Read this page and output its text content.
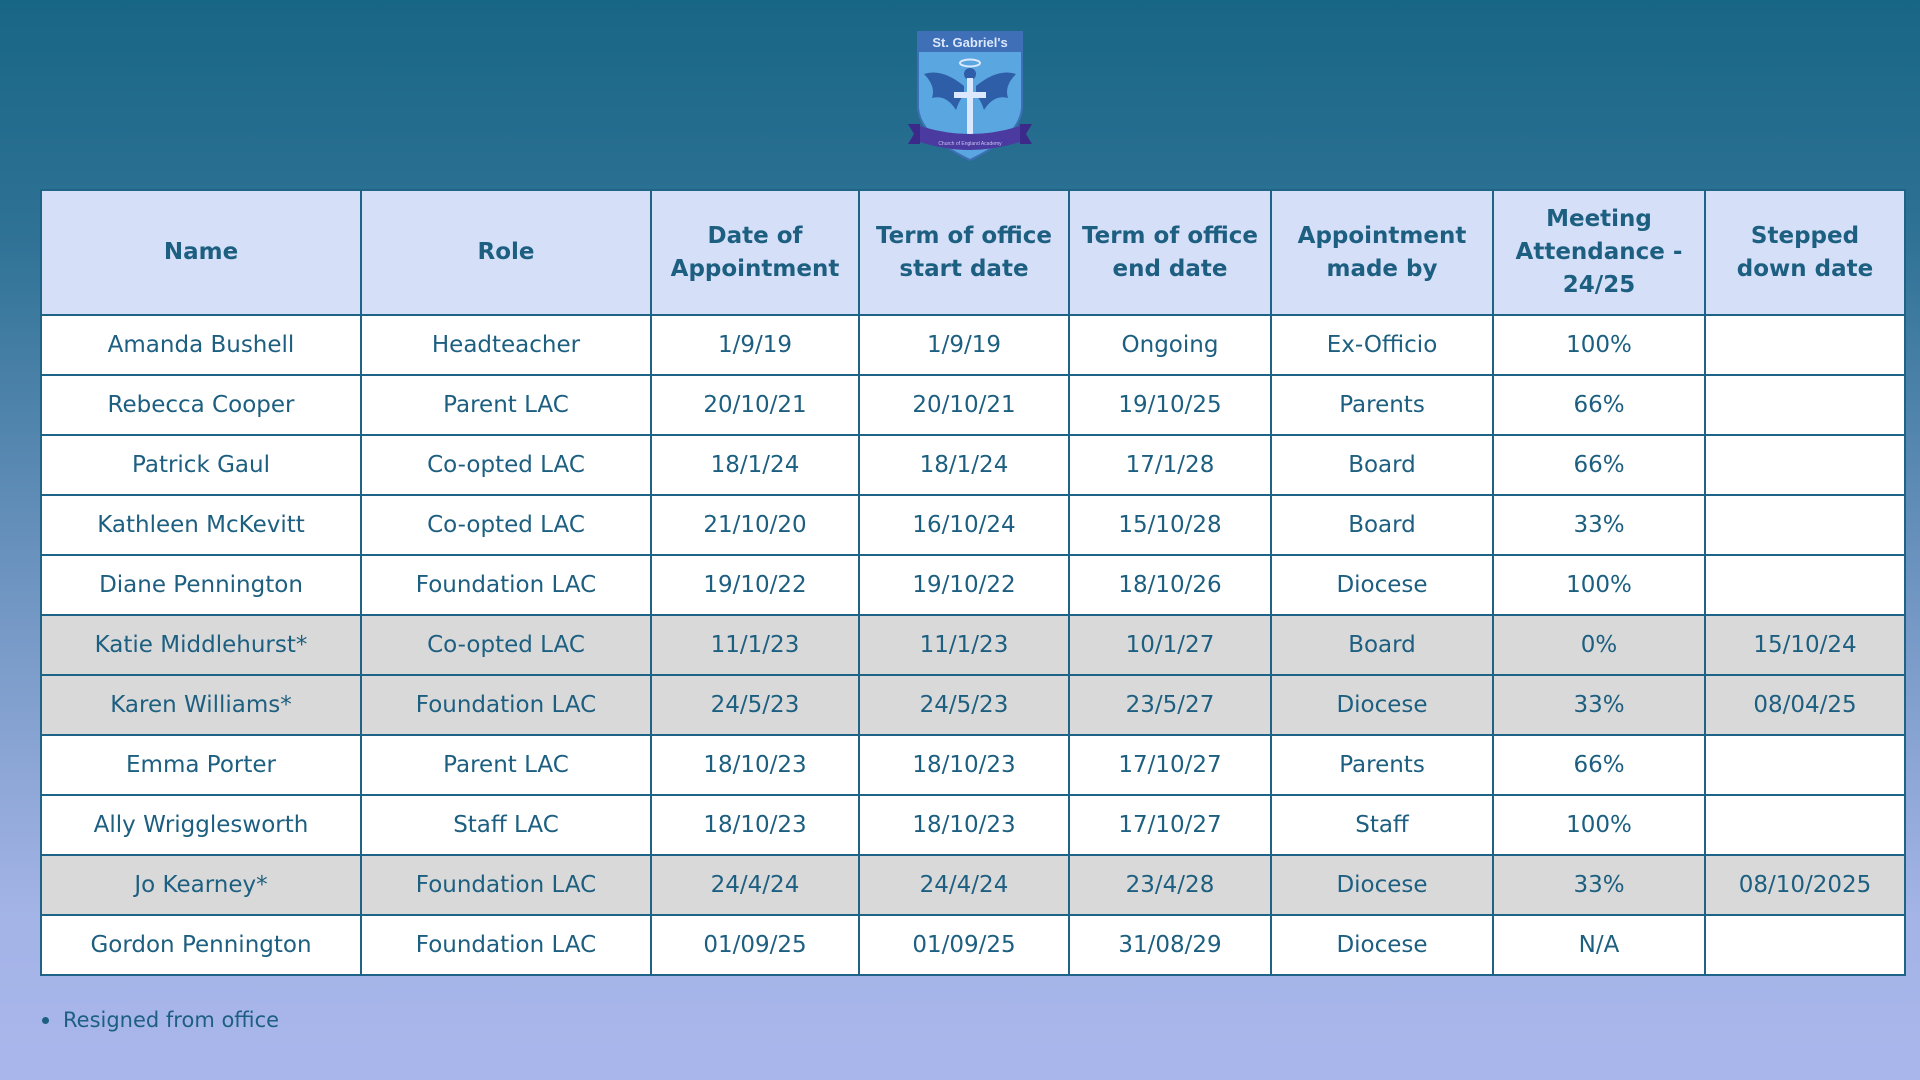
St. Gabriel's
Church of England Academy
Name	Role	Date of Appointment	Term of office start date	Term of office end date	Appointment made by	Meeting Attendance - 24/25	Stepped down date
Amanda Bushell	Headteacher	1/9/19	1/9/19	Ongoing	Ex-Officio	100%	
Rebecca Cooper	Parent LAC	20/10/21	20/10/21	19/10/25	Parents	66%	
Patrick Gaul	Co-opted LAC	18/1/24	18/1/24	17/1/28	Board	66%	
Kathleen McKevitt	Co-opted LAC	21/10/20	16/10/24	15/10/28	Board	33%	
Diane Pennington	Foundation LAC	19/10/22	19/10/22	18/10/26	Diocese	100%	
Katie Middlehurst*	Co-opted LAC	11/1/23	11/1/23	10/1/27	Board	0%	15/10/24
Karen Williams*	Foundation LAC	24/5/23	24/5/23	23/5/27	Diocese	33%	08/04/25
Emma Porter	Parent LAC	18/10/23	18/10/23	17/10/27	Parents	66%	
Ally Wrigglesworth	Staff LAC	18/10/23	18/10/23	17/10/27	Staff	100%	
Jo Kearney*	Foundation LAC	24/4/24	24/4/24	23/4/28	Diocese	33%	08/10/2025
Gordon Pennington	Foundation LAC	01/09/25	01/09/25	31/08/29	Diocese	N/A	
Resigned from office
